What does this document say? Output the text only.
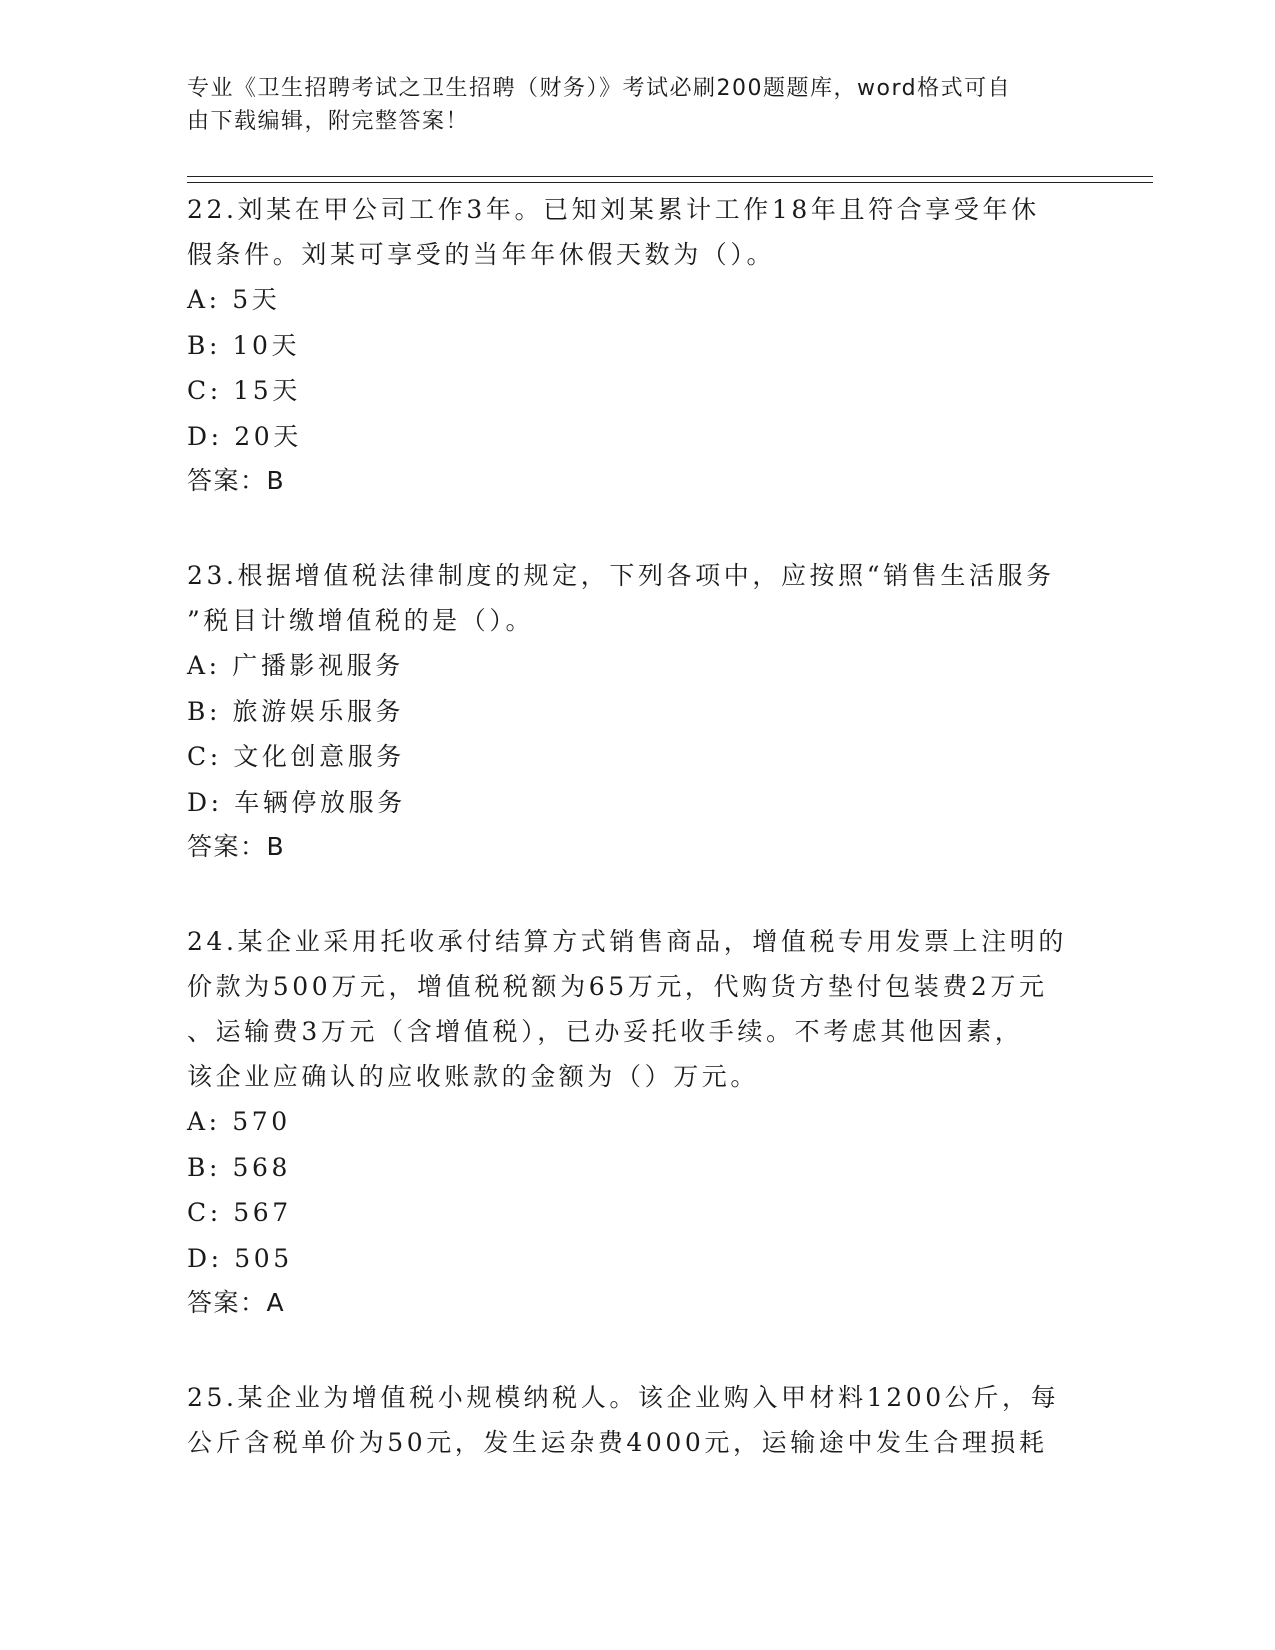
专业《卫生招聘考试之卫生招聘（财务）》考试必刷200题题库，word格式可自
由下载编辑，附完整答案！
22.刘某在甲公司工作3年。已知刘某累计工作18年且符合享受年休
假条件。刘某可享受的当年年休假天数为（）。
A: 5天
B: 10天
C: 15天
D: 20天
答案：B
23.根据增值税法律制度的规定，下列各项中，应按照“销售生活服务
”税目计缴增值税的是（）。
A: 广播影视服务
B: 旅游娱乐服务
C: 文化创意服务
D: 车辆停放服务
答案：B
24.某企业采用托收承付结算方式销售商品，增值税专用发票上注明的
价款为500万元，增值税税额为65万元，代购货方垫付包装费2万元
、运输费3万元（含增值税），已办妥托收手续。不考虑其他因素，
该企业应确认的应收账款的金额为（）万元。
A: 570
B: 568
C: 567
D: 505
答案：A
25.某企业为增值税小规模纳税人。该企业购入甲材料1200公斤，每
公斤含税单价为50元，发生运杂费4000元，运输途中发生合理损耗
